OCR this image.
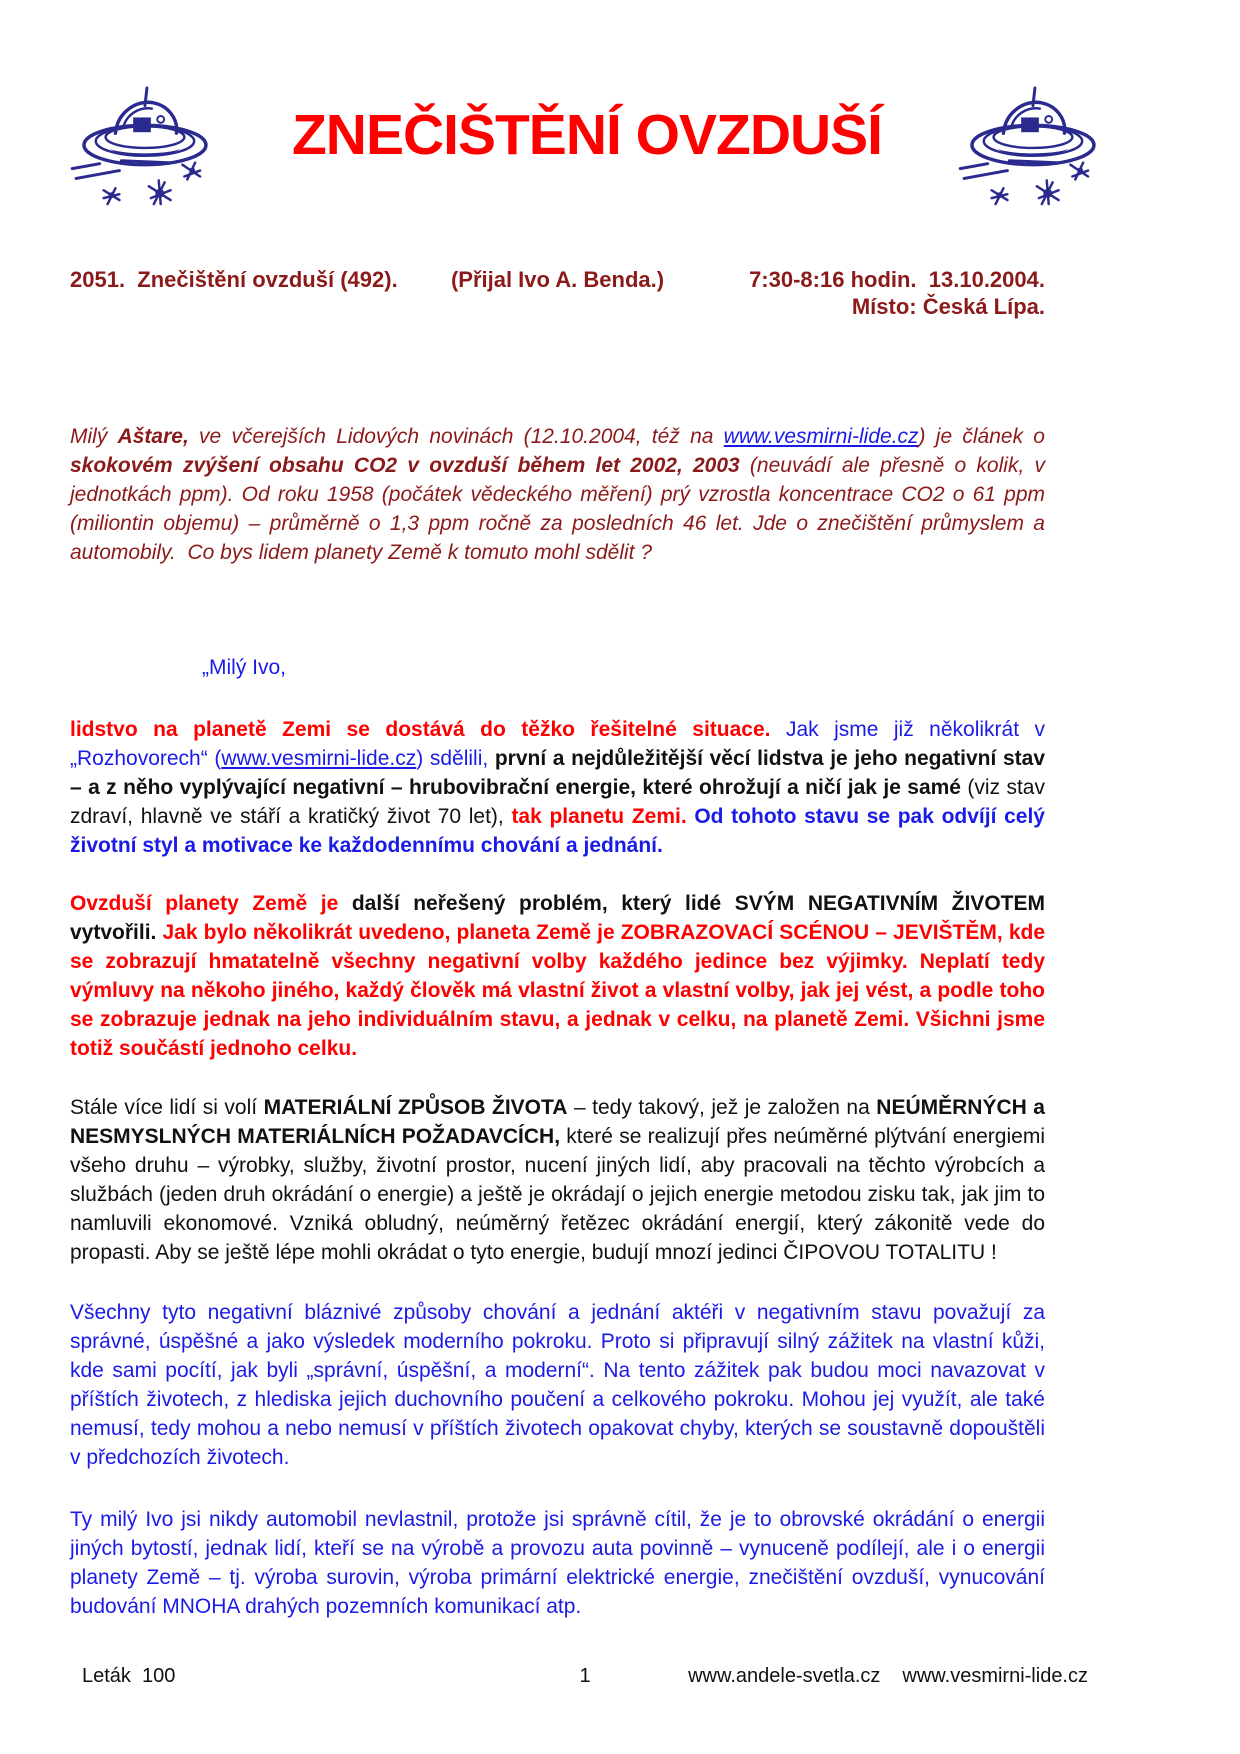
ZNEČIŠTĚNÍ OVZDUŠÍ
2051.  Znečištění ovzduší (492).	(Přijal Ivo A. Benda.)	7:30-8:16 hodin.  13.10.2004.
Místo: Česká Lípa.

Milý Aštare, ve včerejších Lidových novinách (12.10.2004, též na www.vesmirni-lide.cz) je článek o skokovém zvýšení obsahu CO2 v ovzduší během let 2002, 2003 (neuvádí ale přesně o kolik, v jednotkách ppm). Od roku 1958 (počátek vědeckého měření) prý vzrostla koncentrace CO2 o 61 ppm (miliontin objemu) – průměrně o 1,3 ppm ročně za posledních 46 let. Jde o znečištění průmyslem a automobily.  Co bys lidem planety Země k tomuto mohl sdělit ?

„Milý Ivo,

lidstvo na planetě Zemi se dostává do těžko řešitelné situace. Jak jsme již několikrát v „Rozhovorech“ (www.vesmirni-lide.cz) sdělili, první a nejdůležitější věcí lidstva je jeho negativní stav – a z něho vyplývající negativní – hrubovibrační energie, které ohrožují a ničí jak je samé (viz stav zdraví, hlavně ve stáří a kratičký život 70 let), tak planetu Zemi. Od tohoto stavu se pak odvíjí celý životní styl a motivace ke každodennímu chování a jednání.

Ovzduší planety Země je další neřešený problém, který lidé SVÝM NEGATIVNÍM ŽIVOTEM vytvořili. Jak bylo několikrát uvedeno, planeta Země je ZOBRAZOVACÍ SCÉNOU – JEVIŠTĚM, kde se zobrazují hmatatelně všechny negativní volby každého jedince bez výjimky. Neplatí tedy výmluvy na někoho jiného, každý člověk má vlastní život a vlastní volby, jak jej vést, a podle toho se zobrazuje jednak na jeho individuálním stavu, a jednak v celku, na planetě Zemi. Všichni jsme totiž součástí jednoho celku.

Stále více lidí si volí MATERIÁLNÍ ZPŮSOB ŽIVOTA – tedy takový, jež je založen na NEÚMĚRNÝCH a NESMYSLNÝCH MATERIÁLNÍCH POŽADAVCÍCH, které se realizují přes neúměrné plýtvání energiemi všeho druhu – výrobky, služby, životní prostor, nucení jiných lidí, aby pracovali na těchto výrobcích a službách (jeden druh okrádání o energie) a ještě je okrádají o jejich energie metodou zisku tak, jak jim to namluvili ekonomové. Vzniká obludný, neúměrný řetězec okrádání energií, který zákonitě vede do propasti. Aby se ještě lépe mohli okrádat o tyto energie, budují mnozí jedinci ČIPOVOU TOTALITU !

Všechny tyto negativní bláznivé způsoby chování a jednání aktéři v negativním stavu považují za správné, úspěšné a jako výsledek moderního pokroku. Proto si připravují silný zážitek na vlastní kůži, kde sami pocítí, jak byli „správní, úspěšní, a moderní“. Na tento zážitek pak budou moci navazovat v příštích životech, z hlediska jejich duchovního poučení a celkového pokroku. Mohou jej využít, ale také nemusí, tedy mohou a nebo nemusí v příštích životech opakovat chyby, kterých se soustavně dopouštěli v předchozích životech.

Ty milý Ivo jsi nikdy automobil nevlastnil, protože jsi správně cítil, že je to obrovské okrádání o energii jiných bytostí, jednak lidí, kteří se na výrobě a provozu auta povinně – vynuceně podílejí, ale i o energii planety Země – tj. výroba surovin, výroba primární elektrické energie, znečištění ovzduší, vynucování budování MNOHA drahých pozemních komunikací atp.

Leták  100	1	www.andele-svetla.cz www.vesmirni-lide.cz
